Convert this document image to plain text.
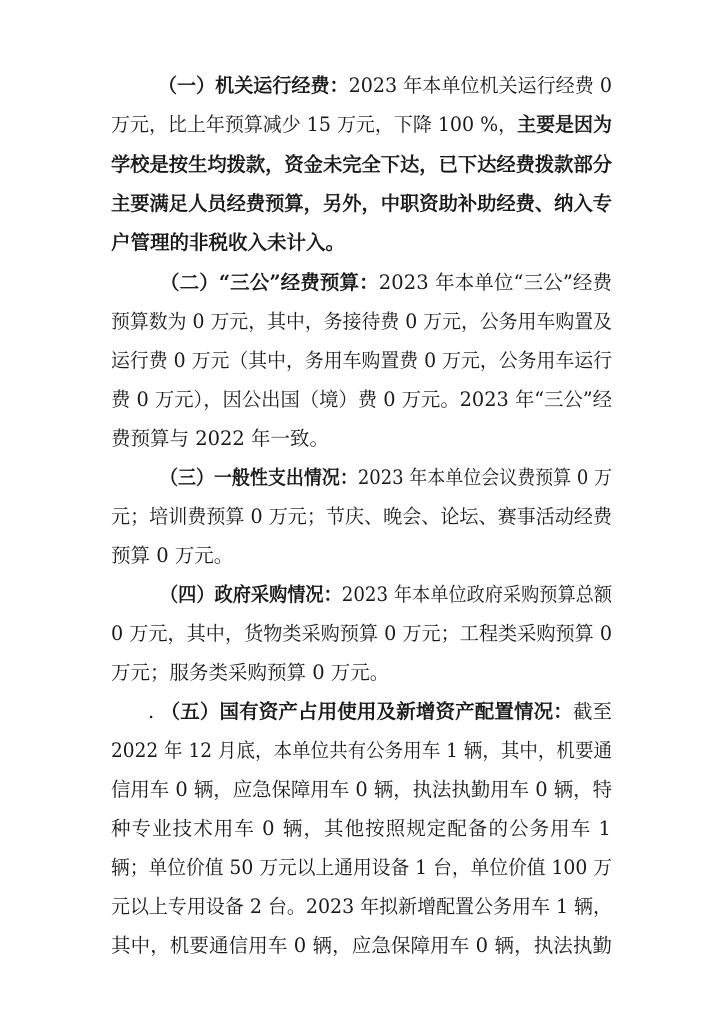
（一）机关运行经费：2023 年本单位机关运行经费 0
万元，比上年预算减少 15 万元，下降 100 %，主要是因为
学校是按生均拨款，资金未完全下达，已下达经费拨款部分
主要满足人员经费预算，另外，中职资助补助经费、纳入专
户管理的非税收入未计入。
（二）“三公”经费预算：2023 年本单位“三公”经费
预算数为 0 万元，其中，务接待费 0 万元，公务用车购置及
运行费 0 万元（其中，务用车购置费 0 万元，公务用车运行
费 0 万元），因公出国（境）费 0 万元。2023 年“三公”经
费预算与 2022 年一致。
（三）一般性支出情况：2023 年本单位会议费预算 0 万
元；培训费预算 0 万元；节庆、晚会、论坛、赛事活动经费
预算 0 万元。
（四）政府采购情况：2023 年本单位政府采购预算总额
0 万元，其中，货物类采购预算 0 万元；工程类采购预算 0
万元；服务类采购预算 0 万元。
. （五）国有资产占用使用及新增资产配置情况：截至
2022 年 12 月底，本单位共有公务用车 1 辆，其中，机要通
信用车 0 辆，应急保障用车 0 辆，执法执勤用车 0 辆，特
种专业技术用车 0 辆，其他按照规定配备的公务用车 1
辆；单位价值 50 万元以上通用设备 1 台，单位价值 100 万
元以上专用设备 2 台。2023 年拟新增配置公务用车 1 辆，
其中，机要通信用车 0 辆，应急保障用车 0 辆，执法执勤
